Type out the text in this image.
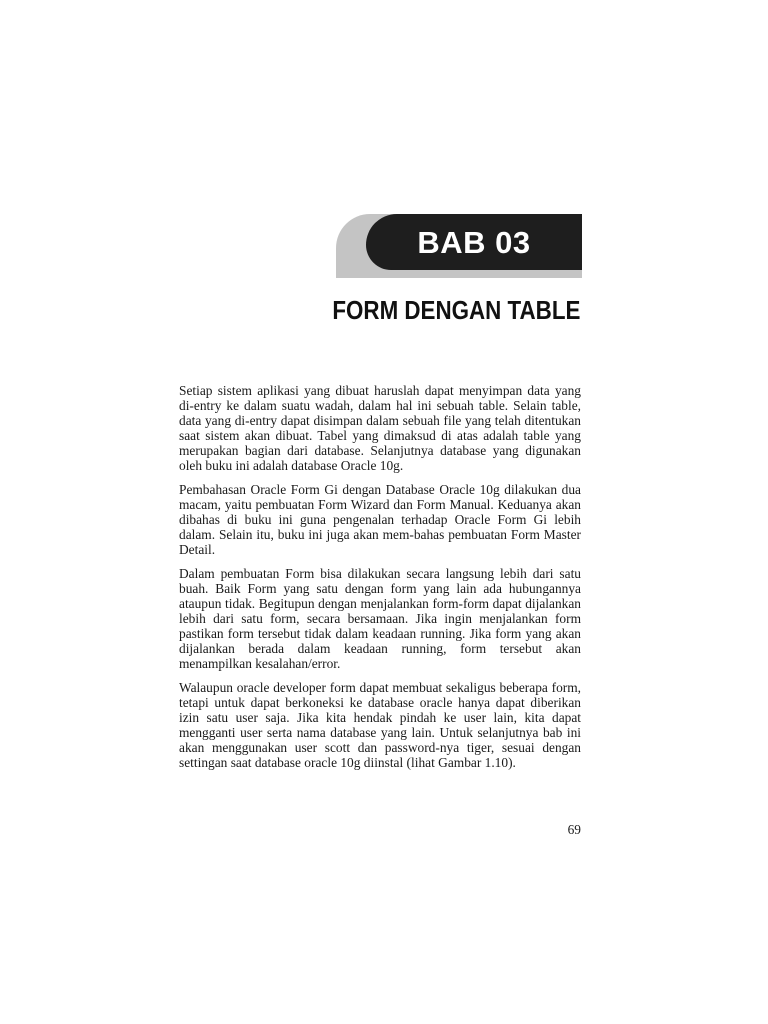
BAB 03
FORM DENGAN TABLE

Setiap sistem aplikasi yang dibuat haruslah dapat menyimpan data yang di-entry ke dalam suatu wadah, dalam hal ini sebuah table. Selain table, data yang di-entry dapat disimpan dalam sebuah file yang telah ditentukan saat sistem akan dibuat. Tabel yang dimaksud di atas adalah table yang merupakan bagian dari database. Selanjutnya database yang digunakan oleh buku ini adalah database Oracle 10g.

Pembahasan Oracle Form Gi dengan Database Oracle 10g dilakukan dua macam, yaitu pembuatan Form Wizard dan Form Manual. Keduanya akan dibahas di buku ini guna pengenalan terhadap Oracle Form Gi lebih dalam. Selain itu, buku ini juga akan mem-bahas pembuatan Form Master Detail.

Dalam pembuatan Form bisa dilakukan secara langsung lebih dari satu buah. Baik Form yang satu dengan form yang lain ada hubungannya ataupun tidak. Begitupun dengan menjalankan form-form dapat dijalankan lebih dari satu form, secara bersamaan. Jika ingin menjalankan form pastikan form tersebut tidak dalam keadaan running. Jika form yang akan dijalankan berada dalam keadaan running, form tersebut akan menampilkan kesalahan/error.

Walaupun oracle developer form dapat membuat sekaligus beberapa form, tetapi untuk dapat berkoneksi ke database oracle hanya dapat diberikan izin satu user saja. Jika kita hendak pindah ke user lain, kita dapat mengganti user serta nama database yang lain. Untuk selanjutnya bab ini akan menggunakan user scott dan password-nya tiger, sesuai dengan settingan saat database oracle 10g diinstal (lihat Gambar 1.10).

69
